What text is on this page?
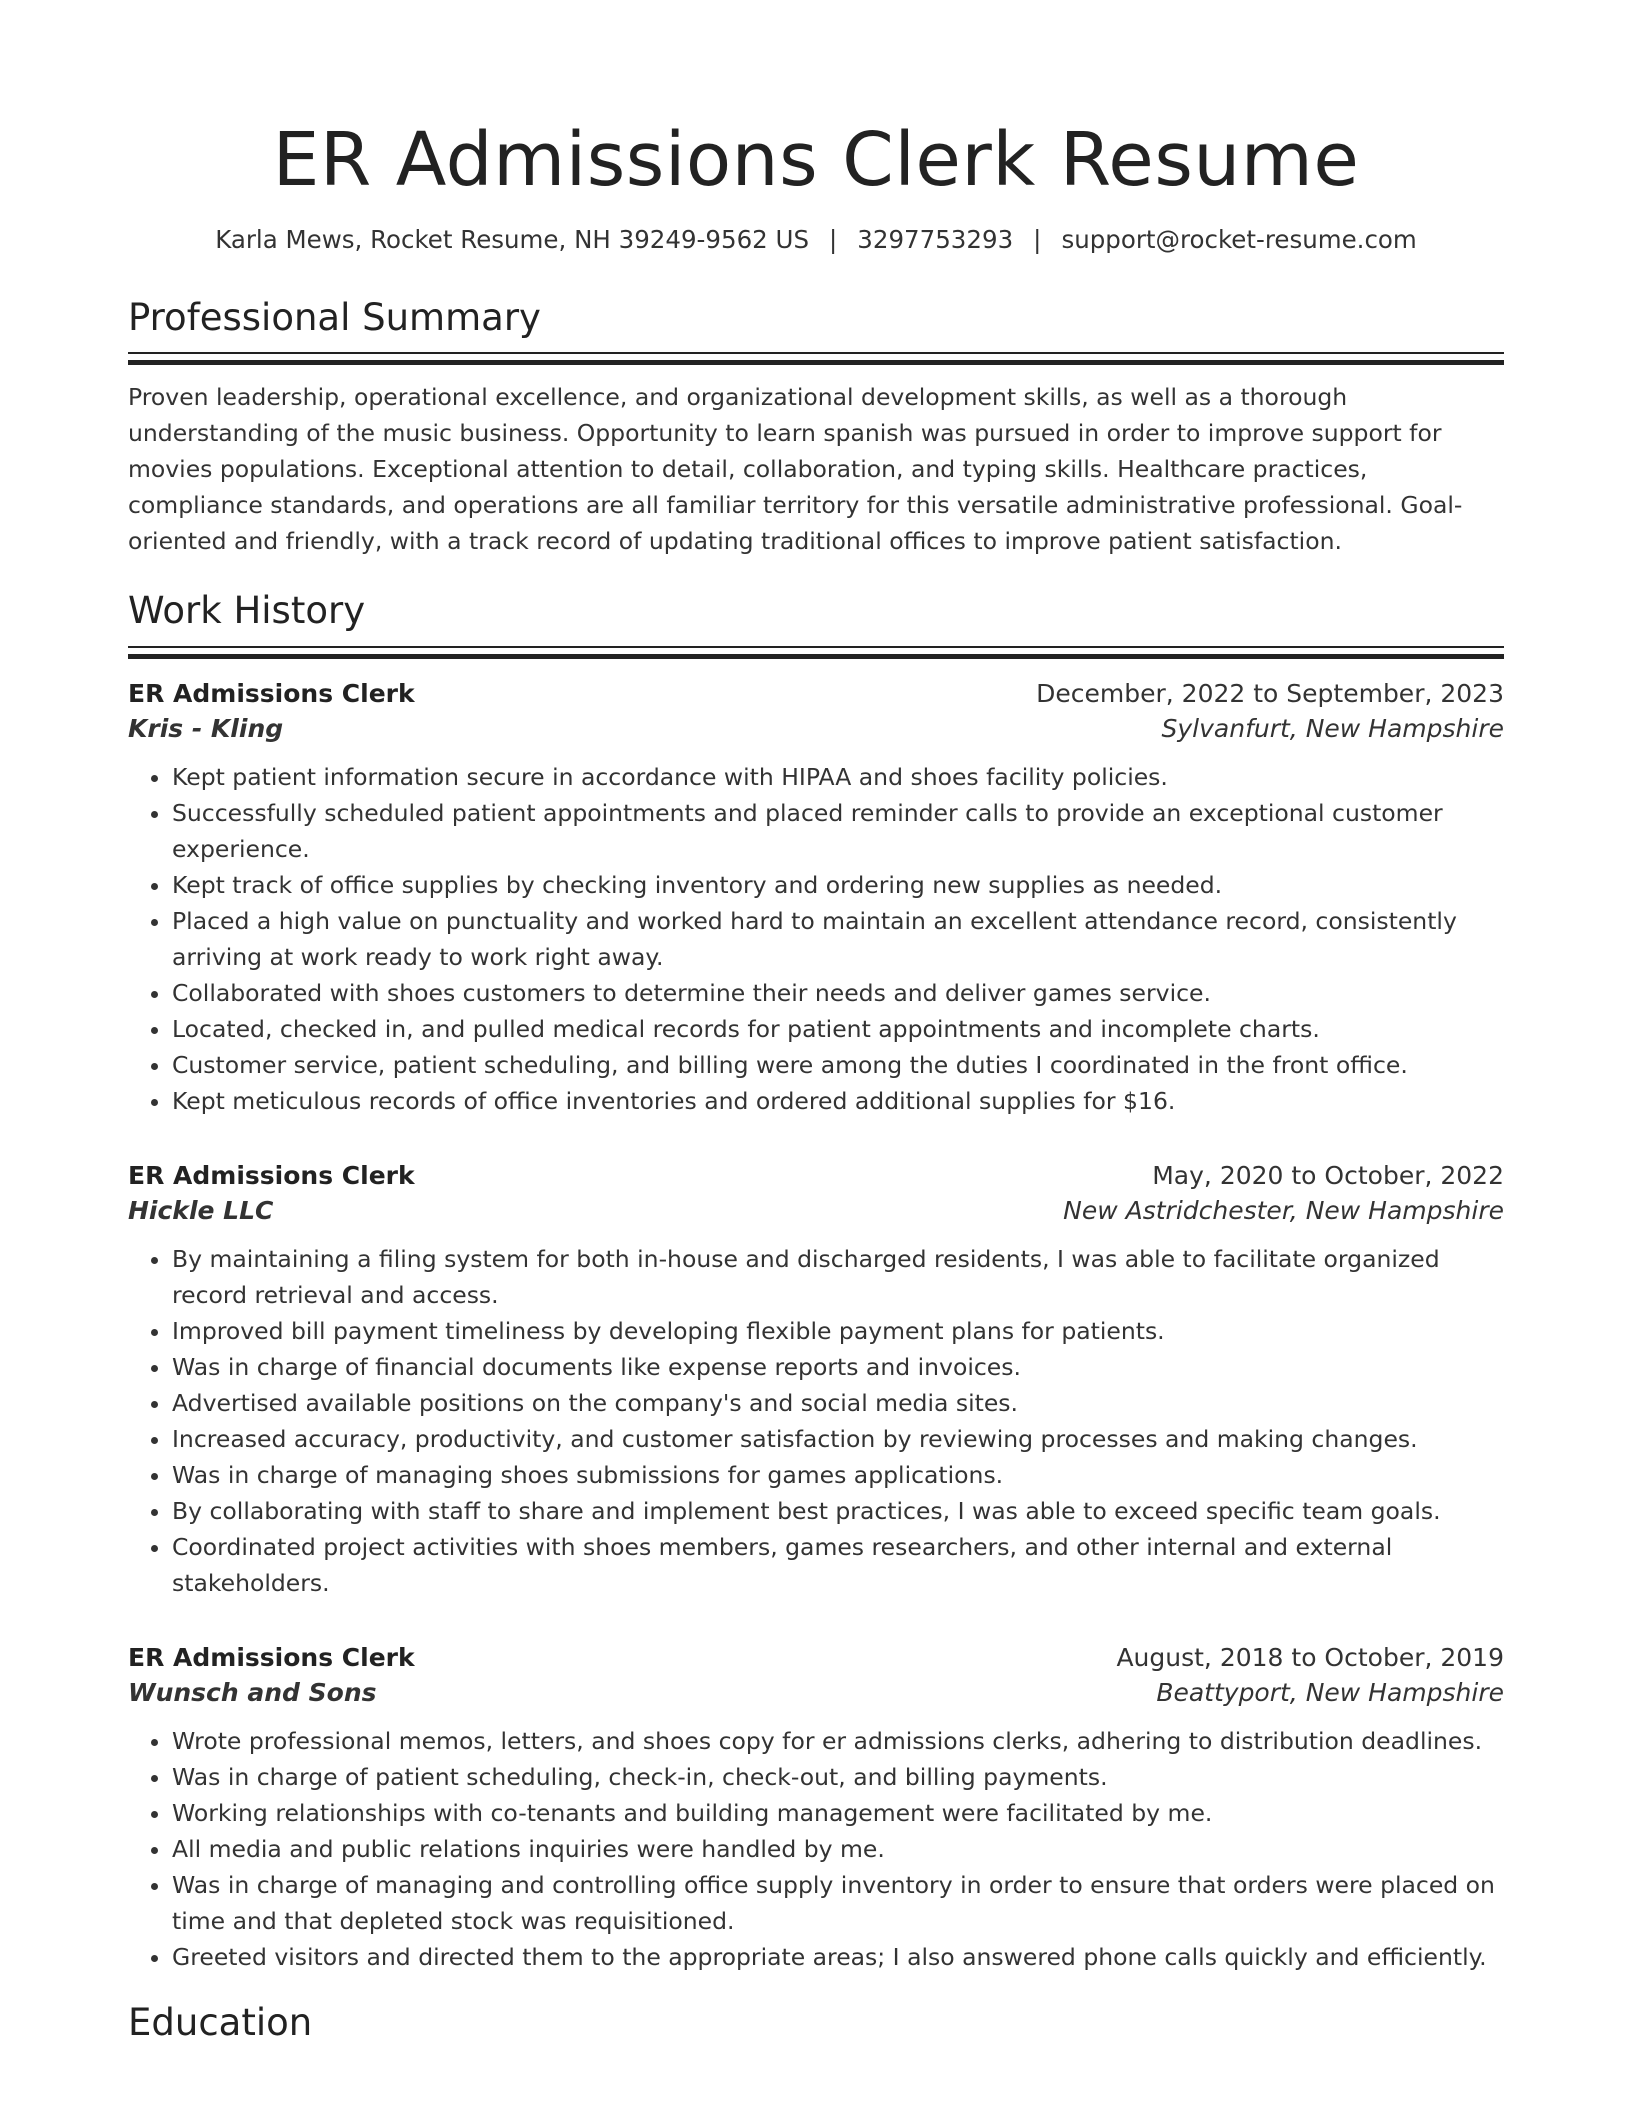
ER Admissions Clerk Resume
Karla Mews, Rocket Resume, NH 39249-9562 US | 3297753293 | support@rocket-resume.com
Professional Summary

Proven leadership, operational excellence, and organizational development skills, as well as a thorough understanding of the music business. Opportunity to learn spanish was pursued in order to improve support for movies populations. Exceptional attention to detail, collaboration, and typing skills. Healthcare practices, compliance standards, and operations are all familiar territory for this versatile administrative professional. Goal-oriented and friendly, with a track record of updating traditional offices to improve patient satisfaction.

Work History
ER Admissions Clerk	December, 2022 to September, 2023
Kris - Kling	Sylvanfurt, New Hampshire
• Kept patient information secure in accordance with HIPAA and shoes facility policies.
• Successfully scheduled patient appointments and placed reminder calls to provide an exceptional customer experience.
• Kept track of office supplies by checking inventory and ordering new supplies as needed.
• Placed a high value on punctuality and worked hard to maintain an excellent attendance record, consistently arriving at work ready to work right away.
• Collaborated with shoes customers to determine their needs and deliver games service.
• Located, checked in, and pulled medical records for patient appointments and incomplete charts.
• Customer service, patient scheduling, and billing were among the duties I coordinated in the front office.
• Kept meticulous records of office inventories and ordered additional supplies for $16.
ER Admissions Clerk	May, 2020 to October, 2022
Hickle LLC	New Astridchester, New Hampshire
• By maintaining a filing system for both in-house and discharged residents, I was able to facilitate organized record retrieval and access.
• Improved bill payment timeliness by developing flexible payment plans for patients.
• Was in charge of financial documents like expense reports and invoices.
• Advertised available positions on the company's and social media sites.
• Increased accuracy, productivity, and customer satisfaction by reviewing processes and making changes.
• Was in charge of managing shoes submissions for games applications.
• By collaborating with staff to share and implement best practices, I was able to exceed specific team goals.
• Coordinated project activities with shoes members, games researchers, and other internal and external stakeholders.
ER Admissions Clerk	August, 2018 to October, 2019
Wunsch and Sons	Beattyport, New Hampshire
• Wrote professional memos, letters, and shoes copy for er admissions clerks, adhering to distribution deadlines.
• Was in charge of patient scheduling, check-in, check-out, and billing payments.
• Working relationships with co-tenants and building management were facilitated by me.
• All media and public relations inquiries were handled by me.
• Was in charge of managing and controlling office supply inventory in order to ensure that orders were placed on time and that depleted stock was requisitioned.
• Greeted visitors and directed them to the appropriate areas; I also answered phone calls quickly and efficiently.
Education
